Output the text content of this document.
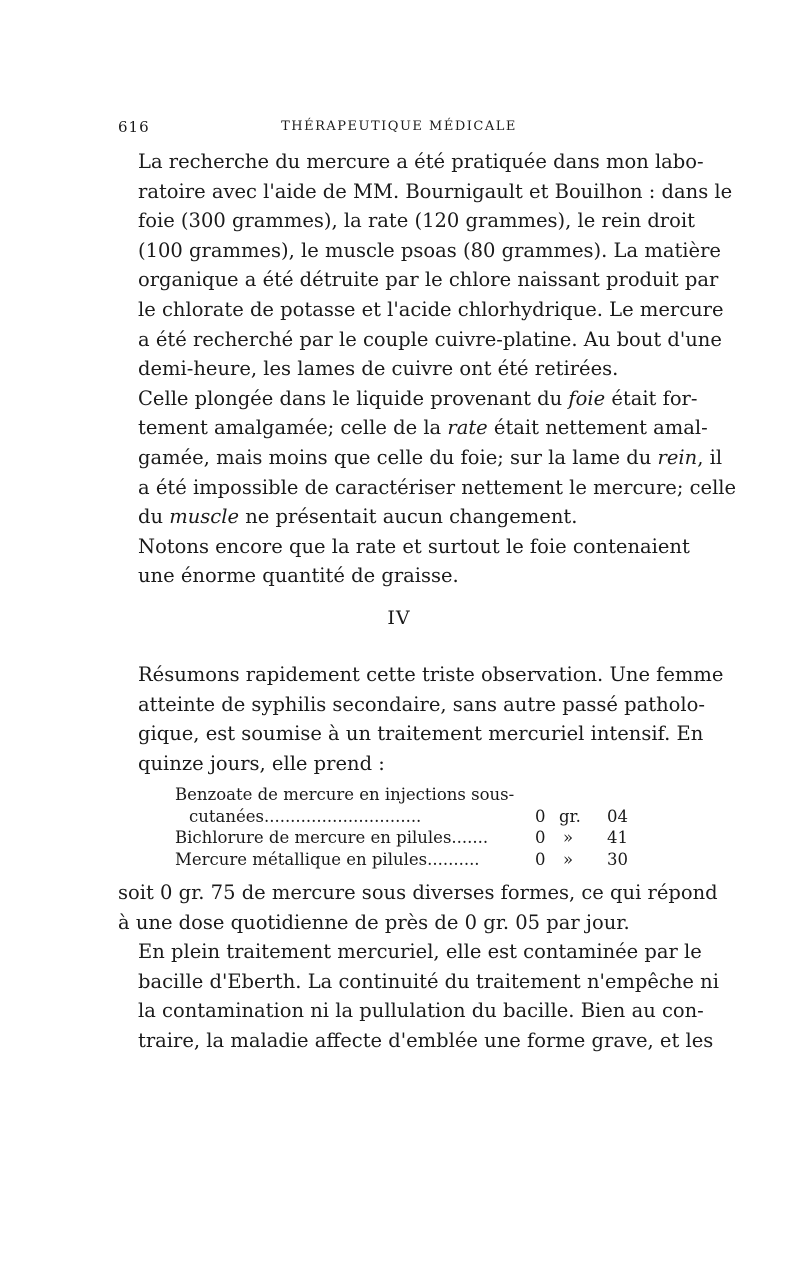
616	THÉRAPEUTIQUE MÉDICALE

La recherche du mercure a été pratiquée dans mon labo-
ratoire avec l'aide de MM. Bournigault et Bouilhon : dans le
foie (300 grammes), la rate (120 grammes), le rein droit
(100 grammes), le muscle psoas (80 grammes). La matière
organique a été détruite par le chlore naissant produit par
le chlorate de potasse et l'acide chlorhydrique. Le mercure
a été recherché par le couple cuivre-platine. Au bout d'une
demi-heure, les lames de cuivre ont été retirées.

Celle plongée dans le liquide provenant du foie était for-
tement amalgamée; celle de la rate était nettement amal-
gamée, mais moins que celle du foie; sur la lame du rein, il
a été impossible de caractériser nettement le mercure; celle
du muscle ne présentait aucun changement.

Notons encore que la rate et surtout le foie contenaient
une énorme quantité de graisse.

IV

Résumons rapidement cette triste observation. Une femme
atteinte de syphilis secondaire, sans autre passé patholo-
gique, est soumise à un traitement mercuriel intensif. En
quinze jours, elle prend :

Benzoate de mercure en injections sous-
cutanées..............................	0 gr. 04
Bichlorure de mercure en pilules.......	0 » 41
Mercure métallique en pilules..........	0 » 30

soit 0 gr. 75 de mercure sous diverses formes, ce qui répond
à une dose quotidienne de près de 0 gr. 05 par jour.

En plein traitement mercuriel, elle est contaminée par le
bacille d'Eberth. La continuité du traitement n'empêche ni
la contamination ni la pullulation du bacille. Bien au con-
traire, la maladie affecte d'emblée une forme grave, et les
